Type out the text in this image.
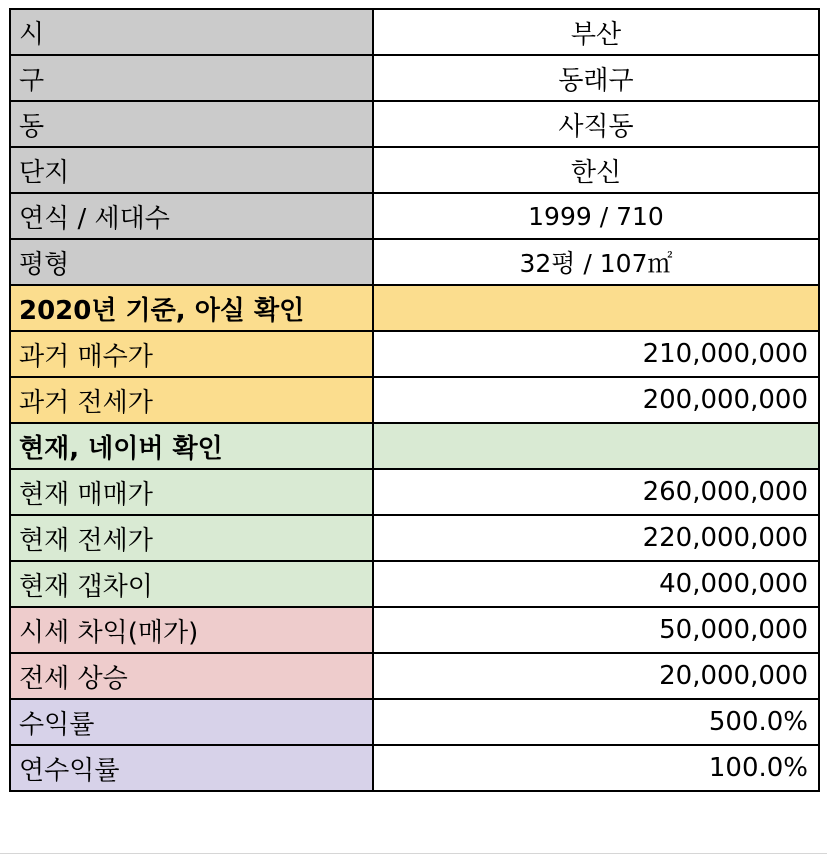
시	부산
구	동래구
동	사직동
단지	한신
연식 / 세대수	1999 / 710
평형	32평 / 107㎡
2020년 기준, 아실 확인	
과거 매수가	210,000,000
과거 전세가	200,000,000
현재, 네이버 확인	
현재 매매가	260,000,000
현재 전세가	220,000,000
현재 갭차이	40,000,000
시세 차익(매가)	50,000,000
전세 상승	20,000,000
수익률	500.0%
연수익률	100.0%
